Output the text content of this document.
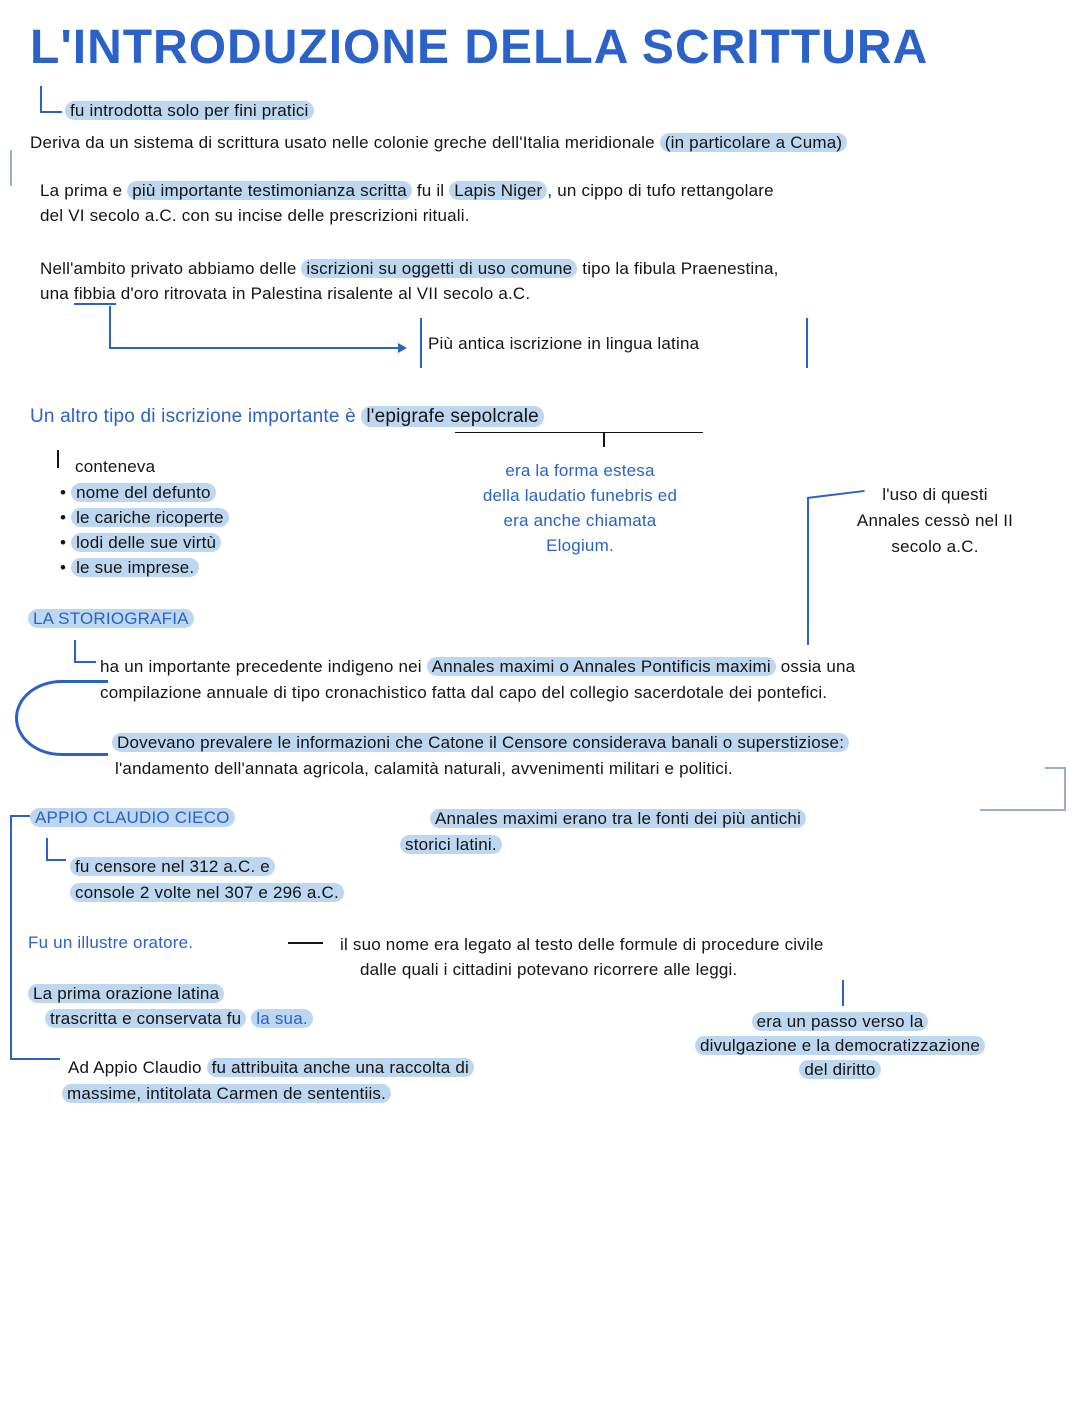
L'INTRODUZIONE DELLA SCRITTURA
fu introdotta solo per fini pratici
Deriva da un sistema di scrittura usato nelle colonie greche dell'Italia meridionale (in particolare a Cuma)
La prima e più importante testimonianza scritta fu il Lapis Niger , un cippo di tufo rettangolare
del VI secolo a.C. con su incise delle prescrizioni rituali.
Nell'ambito privato abbiamo delle iscrizioni su oggetti di uso comune tipo la fibula Praenestina,
una fibbia d'oro ritrovata in Palestina risalente al VII secolo a.C.
Più antica iscrizione in lingua latina
Un altro tipo di iscrizione importante è l'epigrafe sepolcrale
conteneva
• nome del defunto
• le cariche ricoperte
• lodi delle sue virtù
• le sue imprese.
era la forma estesa
della laudatio funebris ed
era anche chiamata
Elogium.
l'uso di questi
Annales cessò nel II
secolo a.C.
LA STORIOGRAFIA
ha un importante precedente indigeno nei Annales maximi o Annales Pontificis maximi ossia una
compilazione annuale di tipo cronachistico fatta dal capo del collegio sacerdotale dei pontefici.
Dovevano prevalere le informazioni che Catone il Censore considerava banali o superstiziose:
l'andamento dell'annata agricola, calamità naturali, avvenimenti militari e politici.
Annales maximi erano tra le fonti dei più antichi
storici latini.
APPIO CLAUDIO CIECO
fu censore nel 312 a.C. e
console 2 volte nel 307 e 296 a.C.
Fu un illustre oratore.	il suo nome era legato al testo delle formule di procedure civile
dalle quali i cittadini potevano ricorrere alle leggi.
La prima orazione latina
trascritta e conservata fu la sua.	era un passo verso la
divulgazione e la democratizzazione
del diritto
Ad Appio Claudio fu attribuita anche una raccolta di
massime, intitolata Carmen de sententiis.
